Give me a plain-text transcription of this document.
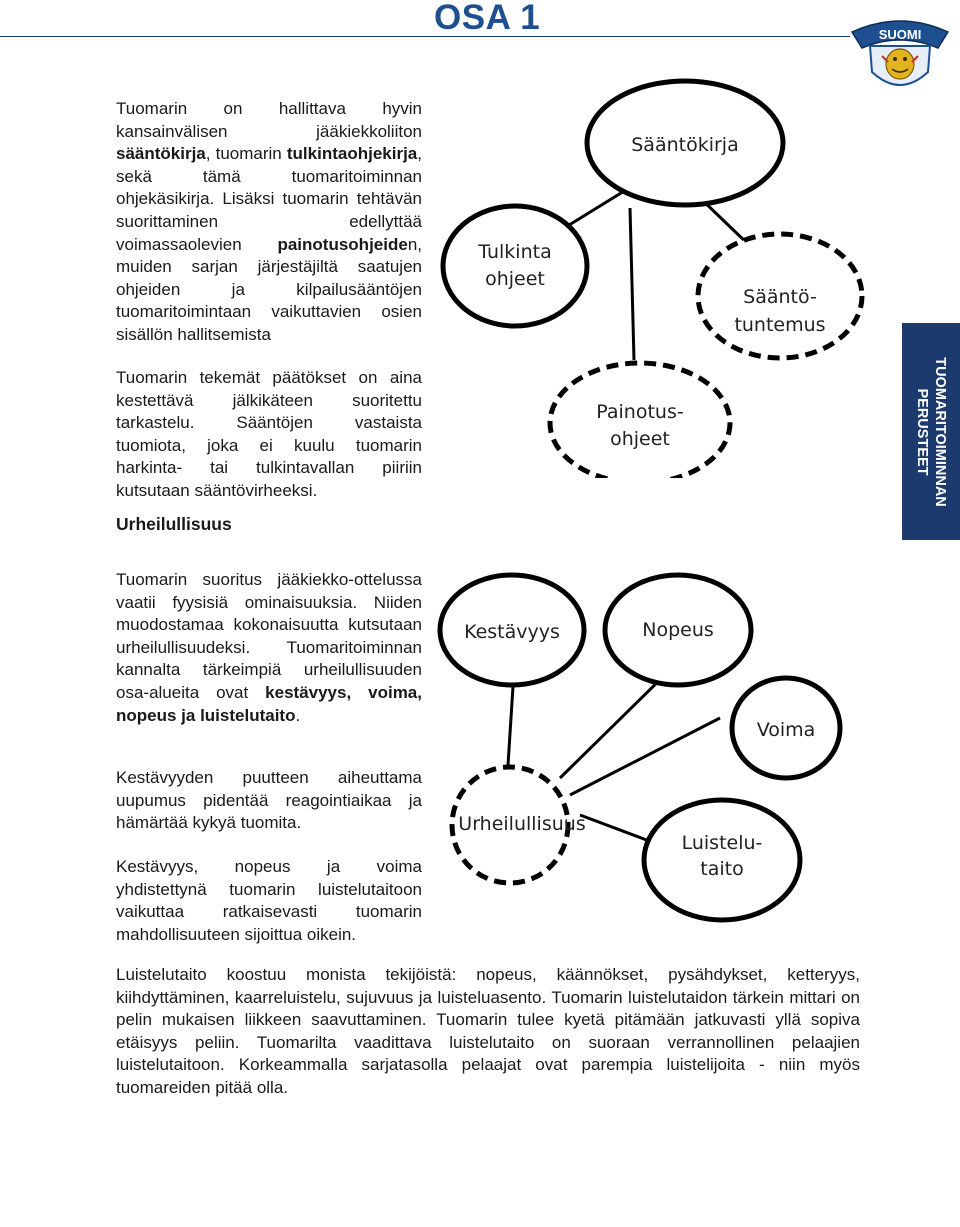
OSA 1	SUOMI
TUOMARITOIMINNAN
PERUSTEET

Tuomarin on hallittava hyvin kansainvälisen jääkiekkoliiton sääntökirja, tuomarin tulkintaohjekirja, sekä tämä tuomaritoiminnan ohjekäsikirja. Lisäksi tuomarin tehtävän suorittaminen edellyttää voimassaolevien painotusohjeiden, muiden sarjan järjestäjiltä saatujen ohjeiden ja kilpailusääntöjen tuomaritoimintaan vaikuttavien osien sisällön hallitsemista

Tuomarin tekemät päätökset on aina kestettävä jälkikäteen suoritettu tarkastelu. Sääntöjen vastaista tuomiota, joka ei kuulu tuomarin harkinta- tai tulkintavallan piiriin kutsutaan sääntövirheeksi.

Sääntökirja
Tulkinta
ohjeet
Sääntö-
tuntemus
Painotus-
ohjeet

Urheilullisuus

Tuomarin suoritus jääkiekko-ottelussa vaatii fyysisiä ominaisuuksia. Niiden muodostamaa kokonaisuutta kutsutaan urheilullisuudeksi. Tuomaritoiminnan kannalta tärkeimpiä urheilullisuuden osa-alueita ovat kestävyys, voima, nopeus ja luistelutaito.

Kestävyyden puutteen aiheuttama uupumus pidentää reagointiaikaa ja hämärtää kykyä tuomita.

Kestävyys, nopeus ja voima yhdistettynä tuomarin luistelutaitoon vaikuttaa ratkaisevasti tuomarin mahdollisuuteen sijoittua oikein.

Kestävyys	Nopeus
Voima
Urheilullisuus
Luistelu-
taito

Luistelutaito koostuu monista tekijöistä: nopeus, käännökset, pysähdykset, ketteryys, kiihdyttäminen, kaarreluistelu, sujuvuus ja luisteluasento. Tuomarin luistelutaidon tärkein mittari on pelin mukaisen liikkeen saavuttaminen. Tuomarin tulee kyetä pitämään jatkuvasti yllä sopiva etäisyys peliin. Tuomarilta vaadittava luistelutaito on suoraan verrannollinen pelaajien luistelutaitoon. Korkeammalla sarjatasolla pelaajat ovat parempia luistelijoita - niin myös tuomareiden pitää olla.
